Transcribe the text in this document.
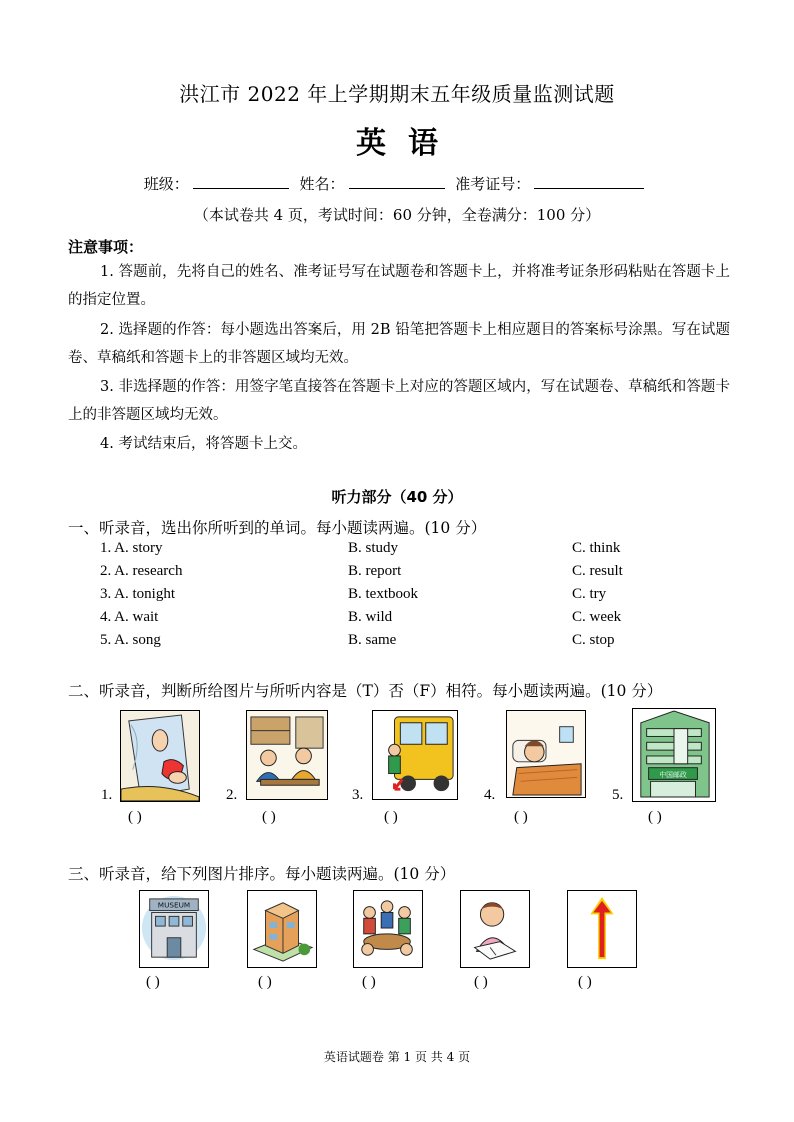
洪江市 2022 年上学期期末五年级质量监测试题
英语
班级：	姓名：	准考证号：
（本试卷共 4 页，考试时间：60 分钟，全卷满分：100 分）
注意事项：
1. 答题前，先将自己的姓名、准考证号写在试题卷和答题卡上，并将准考证条形码粘贴在答题卡上的指定位置。
2. 选择题的作答：每小题选出答案后，用 2B 铅笔把答题卡上相应题目的答案标号涂黑。写在试题卷、草稿纸和答题卡上的非答题区域均无效。
3. 非选择题的作答：用签字笔直接答在答题卡上对应的答题区域内，写在试题卷、草稿纸和答题卡上的非答题区域均无效。
4. 考试结束后，将答题卡上交。
听力部分（40 分）
一、听录音，选出你所听到的单词。每小题读两遍。(10 分）
1. A. story	B. study	C. think
2. A. research	B. report	C. result
3. A. tonight	B. textbook	C. try
4. A. wait	B. wild	C. week
5. A. song	B. same	C. stop
二、听录音，判断所给图片与所听内容是（T）否（F）相符。每小题读两遍。(10 分）
1.
( )
2.
( )
3.
( )
4.
( )
5.
中国邮政
( )
三、听录音，给下列图片排序。每小题读两遍。(10 分）
MUSEUM
( )	( )	( )	( )	( )
英语试题卷 第 1 页 共 4 页
